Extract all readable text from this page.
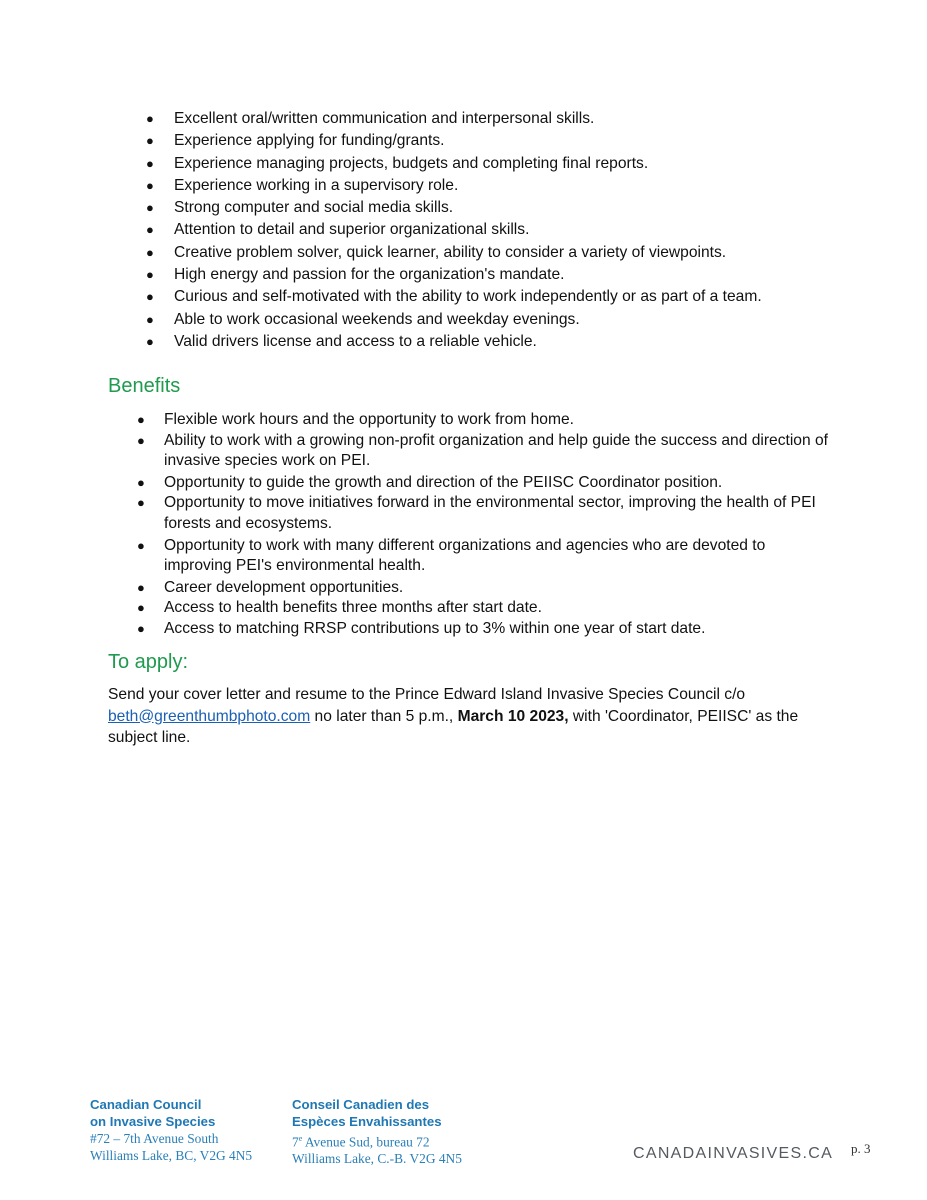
● Excellent oral/written communication and interpersonal skills.
● Experience applying for funding/grants.
● Experience managing projects, budgets and completing final reports.
● Experience working in a supervisory role.
● Strong computer and social media skills.
● Attention to detail and superior organizational skills.
● Creative problem solver, quick learner, ability to consider a variety of viewpoints.
● High energy and passion for the organization's mandate.
● Curious and self-motivated with the ability to work independently or as part of a team.
● Able to work occasional weekends and weekday evenings.
● Valid drivers license and access to a reliable vehicle.
Benefits
● Flexible work hours and the opportunity to work from home.
● Ability to work with a growing non-profit organization and help guide the success and direction of invasive species work on PEI.
● Opportunity to guide the growth and direction of the PEIISC Coordinator position.
● Opportunity to move initiatives forward in the environmental sector, improving the health of PEI forests and ecosystems.
● Opportunity to work with many different organizations and agencies who are devoted to improving PEI's environmental health.
● Career development opportunities.
● Access to health benefits three months after start date.
● Access to matching RRSP contributions up to 3% within one year of start date.
To apply:

Send your cover letter and resume to the Prince Edward Island Invasive Species Council c/o beth@greenthumbphoto.com no later than 5 p.m., March 10 2023, with 'Coordinator, PEIISC' as the subject line.

Canadian Council
on Invasive Species
#72 – 7th Avenue South
Williams Lake, BC, V2G 4N5
Conseil Canadien des
Espèces Envahissantes
7e Avenue Sud, bureau 72
Williams Lake, C.-B. V2G 4N5	CANADAINVASIVES.CA p. 3
